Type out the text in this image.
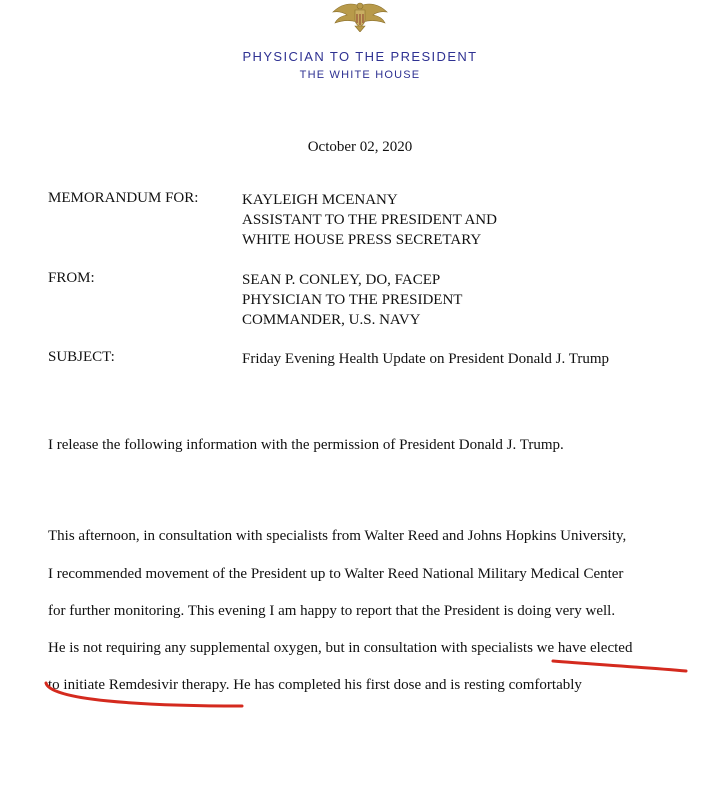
PHYSICIAN TO THE PRESIDENT
THE WHITE HOUSE
October 02, 2020
MEMORANDUM FOR:	KAYLEIGH MCENANY
ASSISTANT TO THE PRESIDENT AND
WHITE HOUSE PRESS SECRETARY
FROM:	SEAN P. CONLEY, DO, FACEP
PHYSICIAN TO THE PRESIDENT
COMMANDER, U.S. NAVY
SUBJECT:	Friday Evening Health Update on President Donald J. Trump
I release the following information with the permission of President Donald J. Trump.
This afternoon, in consultation with specialists from Walter Reed and Johns Hopkins University,
I recommended movement of the President up to Walter Reed National Military Medical Center
for further monitoring. This evening I am happy to report that the President is doing very well.
He is not requiring any supplemental oxygen, but in consultation with specialists we have elected
to initiate Remdesivir therapy. He has completed his first dose and is resting comfortably
